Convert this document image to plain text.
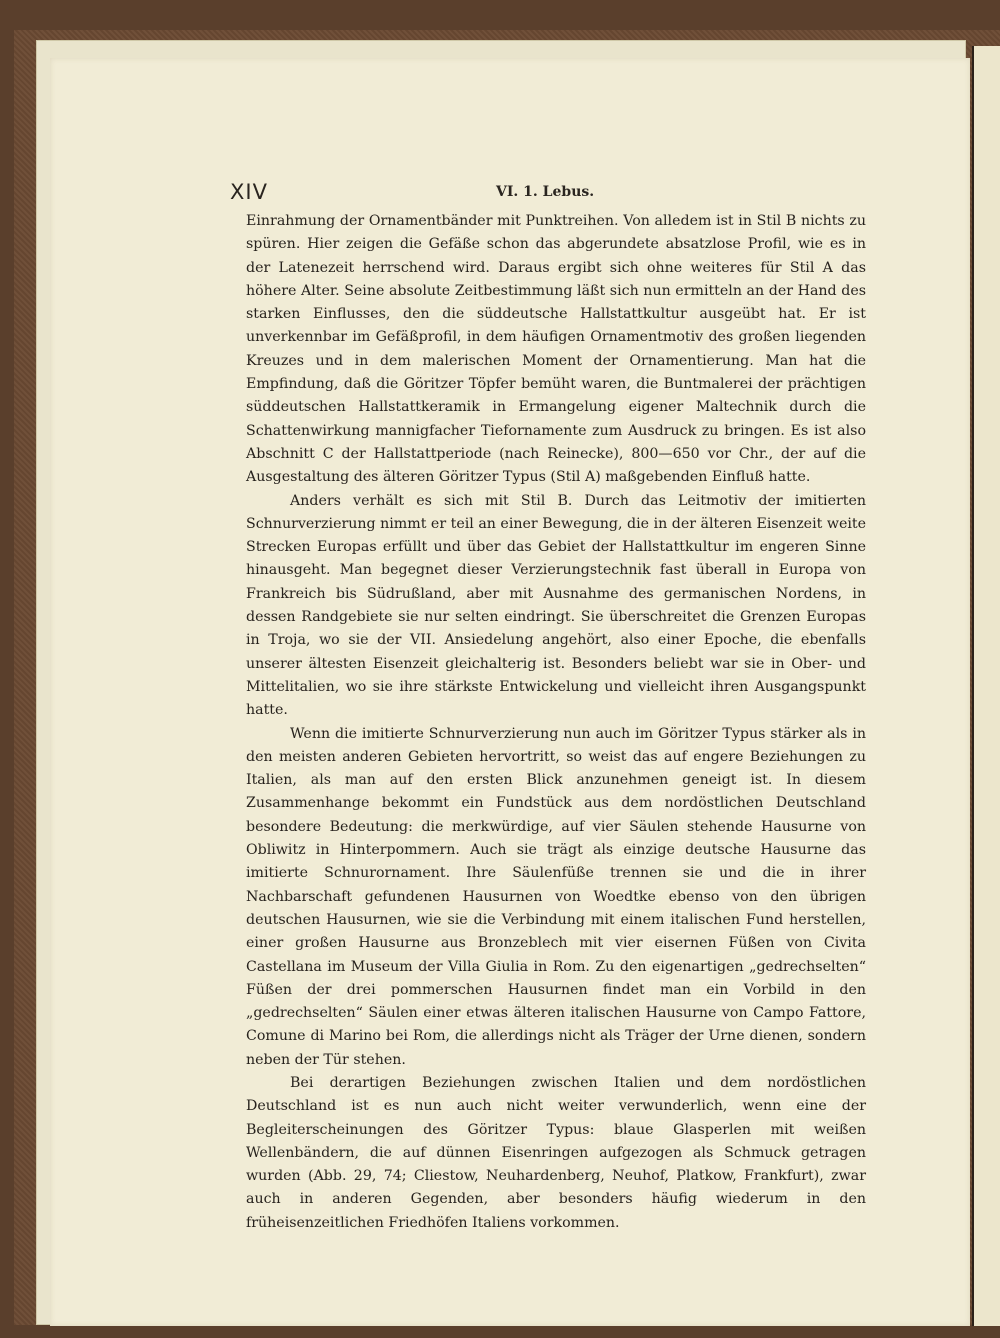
XIV	VI. 1. Lebus.

Einrahmung der Ornamentbänder mit Punktreihen. Von alledem ist in Stil B nichts zu spüren. Hier zeigen die Gefäße schon das abgerundete absatzlose Profil, wie es in der Latenezeit herrschend wird. Daraus ergibt sich ohne weiteres für Stil A das höhere Alter. Seine absolute Zeitbestimmung läßt sich nun ermitteln an der Hand des starken Einflusses, den die süddeutsche Hallstattkultur ausgeübt hat. Er ist unverkennbar im Gefäßprofil, in dem häufigen Ornamentmotiv des großen liegenden Kreuzes und in dem malerischen Moment der Ornamentierung. Man hat die Empfindung, daß die Göritzer Töpfer bemüht waren, die Buntmalerei der prächtigen süddeutschen Hallstattkeramik in Ermangelung eigener Maltechnik durch die Schattenwirkung mannigfacher Tiefornamente zum Ausdruck zu bringen. Es ist also Abschnitt C der Hallstattperiode (nach Reinecke), 800—650 vor Chr., der auf die Ausgestaltung des älteren Göritzer Typus (Stil A) maßgebenden Einfluß hatte.

Anders verhält es sich mit Stil B. Durch das Leitmotiv der imitierten Schnurverzierung nimmt er teil an einer Bewegung, die in der älteren Eisenzeit weite Strecken Europas erfüllt und über das Gebiet der Hallstattkultur im engeren Sinne hinausgeht. Man begegnet dieser Verzierungstechnik fast überall in Europa von Frankreich bis Südrußland, aber mit Ausnahme des germanischen Nordens, in dessen Randgebiete sie nur selten eindringt. Sie überschreitet die Grenzen Europas in Troja, wo sie der VII. Ansiedelung angehört, also einer Epoche, die ebenfalls unserer ältesten Eisenzeit gleichalterig ist. Besonders beliebt war sie in Ober- und Mittelitalien, wo sie ihre stärkste Entwickelung und vielleicht ihren Ausgangspunkt hatte.

Wenn die imitierte Schnurverzierung nun auch im Göritzer Typus stärker als in den meisten anderen Gebieten hervortritt, so weist das auf engere Beziehungen zu Italien, als man auf den ersten Blick anzunehmen geneigt ist. In diesem Zusammenhange bekommt ein Fundstück aus dem nordöstlichen Deutschland besondere Bedeutung: die merkwürdige, auf vier Säulen stehende Hausurne von Obliwitz in Hinterpommern. Auch sie trägt als einzige deutsche Hausurne das imitierte Schnurornament. Ihre Säulenfüße trennen sie und die in ihrer Nachbarschaft gefundenen Hausurnen von Woedtke ebenso von den übrigen deutschen Hausurnen, wie sie die Verbindung mit einem italischen Fund herstellen, einer großen Hausurne aus Bronzeblech mit vier eisernen Füßen von Civita Castellana im Museum der Villa Giulia in Rom. Zu den eigenartigen „gedrechselten“ Füßen der drei pommerschen Hausurnen findet man ein Vorbild in den „gedrechselten“ Säulen einer etwas älteren italischen Hausurne von Campo Fattore, Comune di Marino bei Rom, die allerdings nicht als Träger der Urne dienen, sondern neben der Tür stehen.

Bei derartigen Beziehungen zwischen Italien und dem nordöstlichen Deutschland ist es nun auch nicht weiter verwunderlich, wenn eine der Begleiterscheinungen des Göritzer Typus: blaue Glasperlen mit weißen Wellenbändern, die auf dünnen Eisenringen aufgezogen als Schmuck getragen wurden (Abb. 29, 74; Cliestow, Neuhardenberg, Neuhof, Platkow, Frankfurt), zwar auch in anderen Gegenden, aber besonders häufig wiederum in den früheisenzeitlichen Friedhöfen Italiens vorkommen.
